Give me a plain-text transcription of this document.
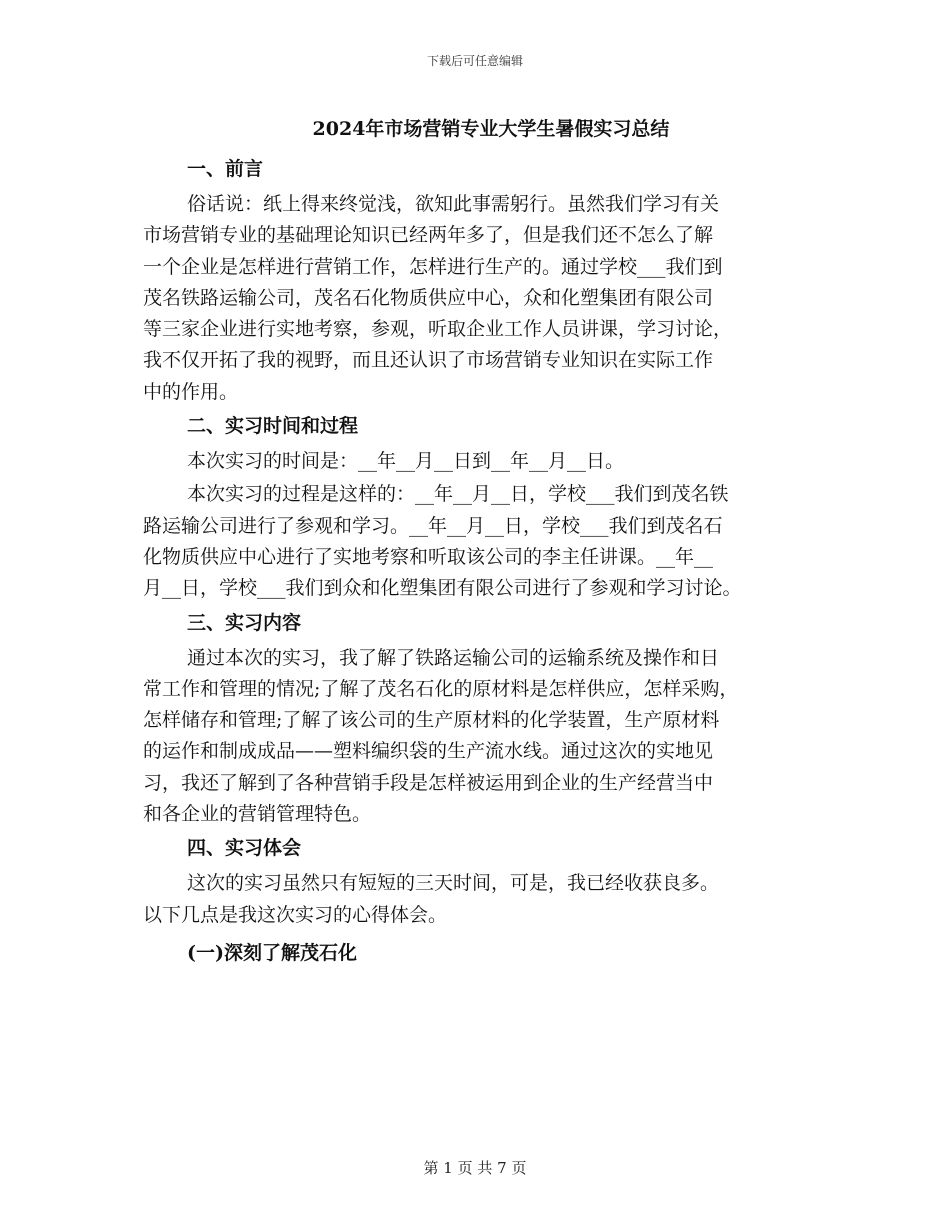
下载后可任意编辑
2024年市场营销专业大学生暑假实习总结
一、前言
俗话说：纸上得来终觉浅，欲知此事需躬行。虽然我们学习有关
市场营销专业的基础理论知识已经两年多了，但是我们还不怎么了解
一个企业是怎样进行营销工作，怎样进行生产的。通过学校___我们到
茂名铁路运输公司，茂名石化物质供应中心，众和化塑集团有限公司
等三家企业进行实地考察，参观，听取企业工作人员讲课，学习讨论，
我不仅开拓了我的视野，而且还认识了市场营销专业知识在实际工作
中的作用。
二、实习时间和过程
本次实习的时间是：__年__月__日到__年__月__日。
本次实习的过程是这样的：__年__月__日，学校___我们到茂名铁
路运输公司进行了参观和学习。__年__月__日，学校___我们到茂名石
化物质供应中心进行了实地考察和听取该公司的李主任讲课。__年__
月__日，学校___我们到众和化塑集团有限公司进行了参观和学习讨论。
三、实习内容
通过本次的实习，我了解了铁路运输公司的运输系统及操作和日
常工作和管理的情况;了解了茂名石化的原材料是怎样供应，怎样采购，
怎样储存和管理;了解了该公司的生产原材料的化学装置，生产原材料
的运作和制成成品——塑料编织袋的生产流水线。通过这次的实地见
习，我还了解到了各种营销手段是怎样被运用到企业的生产经营当中
和各企业的营销管理特色。
四、实习体会
这次的实习虽然只有短短的三天时间，可是，我已经收获良多。
以下几点是我这次实习的心得体会。
(一)深刻了解茂石化
第 1 页 共 7 页
